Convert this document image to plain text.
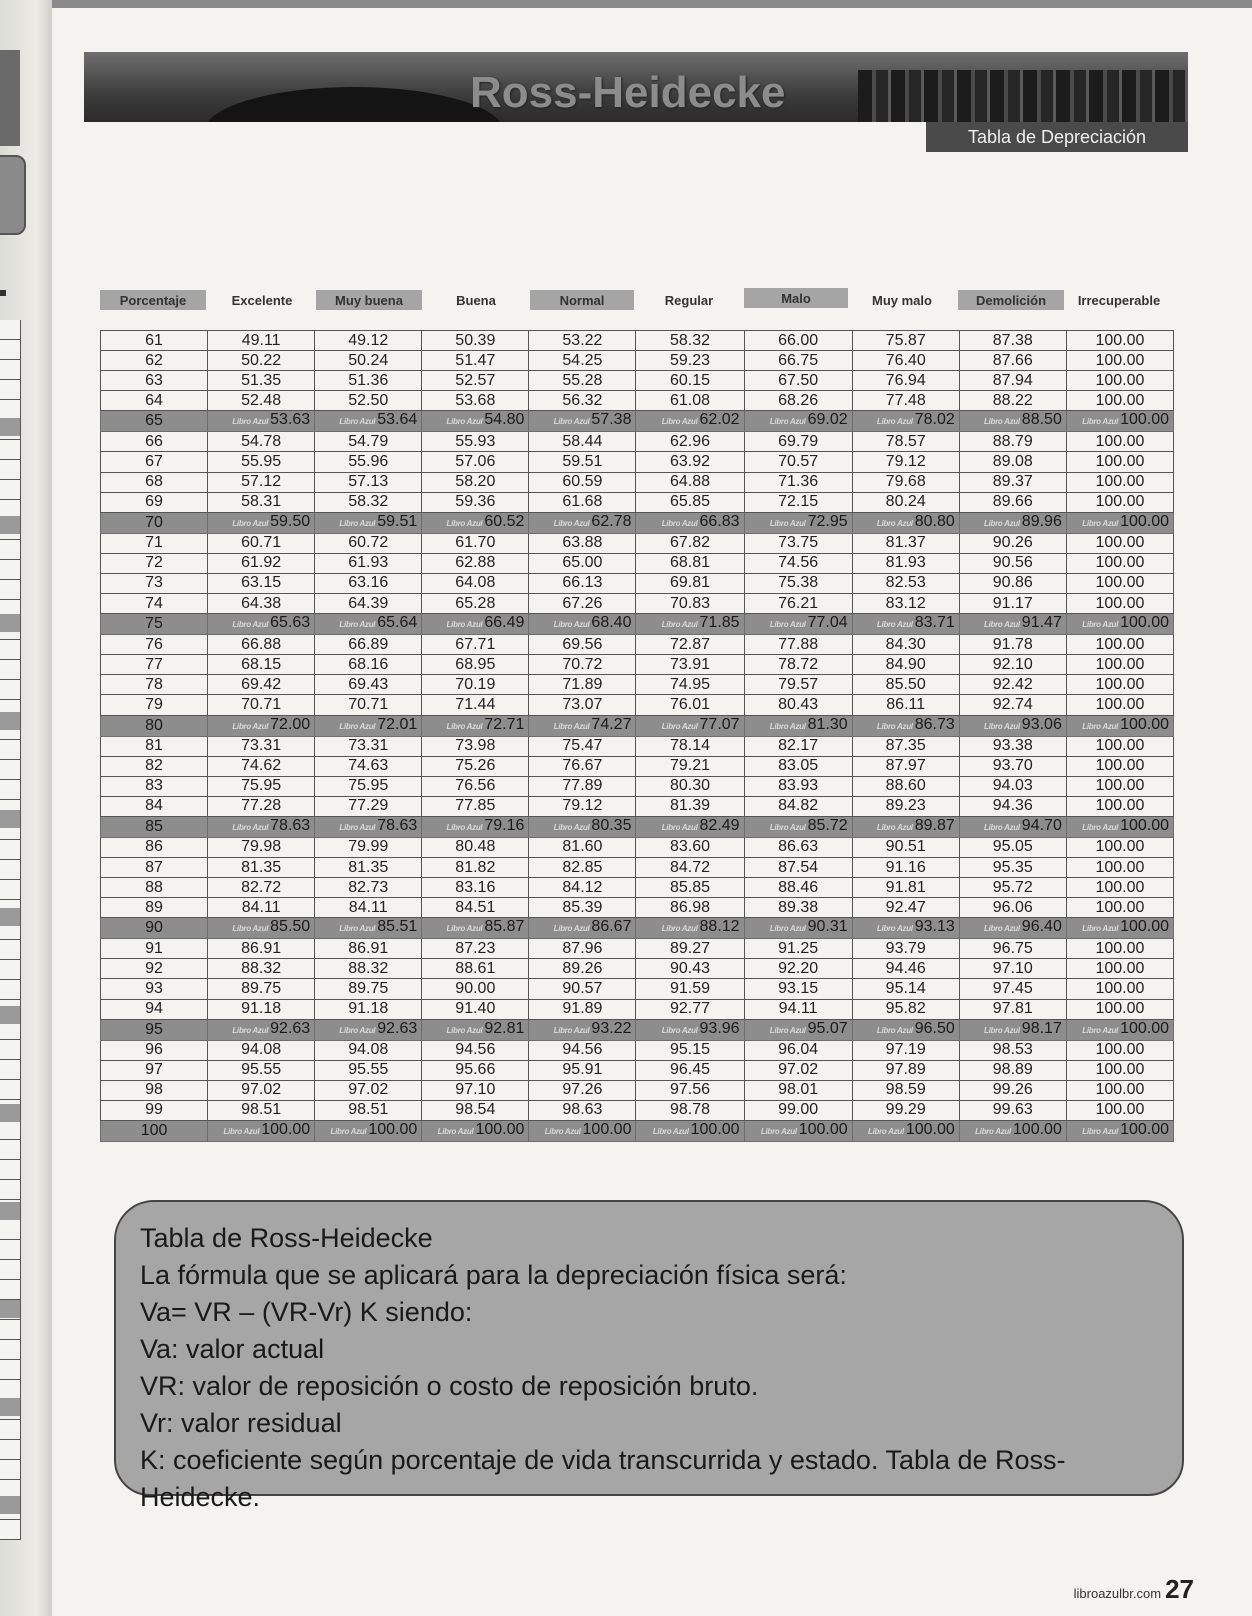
Ross-Heidecke
Tabla de Depreciación
Porcentaje	Excelente	Muy buena	Buena	Normal	Regular	Malo	Muy malo	Demolición	Irrecuperable
61	49.11	49.12	50.39	53.22	58.32	66.00	75.87	87.38	100.00
62	50.22	50.24	51.47	54.25	59.23	66.75	76.40	87.66	100.00
63	51.35	51.36	52.57	55.28	60.15	67.50	76.94	87.94	100.00
64	52.48	52.50	53.68	56.32	61.08	68.26	77.48	88.22	100.00
65	Libro Azul 53.63	Libro Azul 53.64	Libro Azul 54.80	Libro Azul 57.38	Libro Azul 62.02	Libro Azul 69.02	Libro Azul 78.02	Libro Azul 88.50	Libro Azul 100.00
66	54.78	54.79	55.93	58.44	62.96	69.79	78.57	88.79	100.00
67	55.95	55.96	57.06	59.51	63.92	70.57	79.12	89.08	100.00
68	57.12	57.13	58.20	60.59	64.88	71.36	79.68	89.37	100.00
69	58.31	58.32	59.36	61.68	65.85	72.15	80.24	89.66	100.00
70	Libro Azul 59.50	Libro Azul 59.51	Libro Azul 60.52	Libro Azul 62.78	Libro Azul 66.83	Libro Azul 72.95	Libro Azul 80.80	Libro Azul 89.96	Libro Azul 100.00
71	60.71	60.72	61.70	63.88	67.82	73.75	81.37	90.26	100.00
72	61.92	61.93	62.88	65.00	68.81	74.56	81.93	90.56	100.00
73	63.15	63.16	64.08	66.13	69.81	75.38	82.53	90.86	100.00
74	64.38	64.39	65.28	67.26	70.83	76.21	83.12	91.17	100.00
75	Libro Azul 65.63	Libro Azul 65.64	Libro Azul 66.49	Libro Azul 68.40	Libro Azul 71.85	Libro Azul 77.04	Libro Azul 83.71	Libro Azul 91.47	Libro Azul 100.00
76	66.88	66.89	67.71	69.56	72.87	77.88	84.30	91.78	100.00
77	68.15	68.16	68.95	70.72	73.91	78.72	84.90	92.10	100.00
78	69.42	69.43	70.19	71.89	74.95	79.57	85.50	92.42	100.00
79	70.71	70.71	71.44	73.07	76.01	80.43	86.11	92.74	100.00
80	Libro Azul 72.00	Libro Azul 72.01	Libro Azul 72.71	Libro Azul 74.27	Libro Azul 77.07	Libro Azul 81.30	Libro Azul 86.73	Libro Azul 93.06	Libro Azul 100.00
81	73.31	73.31	73.98	75.47	78.14	82.17	87.35	93.38	100.00
82	74.62	74.63	75.26	76.67	79.21	83.05	87.97	93.70	100.00
83	75.95	75.95	76.56	77.89	80.30	83.93	88.60	94.03	100.00
84	77.28	77.29	77.85	79.12	81.39	84.82	89.23	94.36	100.00
85	Libro Azul 78.63	Libro Azul 78.63	Libro Azul 79.16	Libro Azul 80.35	Libro Azul 82.49	Libro Azul 85.72	Libro Azul 89.87	Libro Azul 94.70	Libro Azul 100.00
86	79.98	79.99	80.48	81.60	83.60	86.63	90.51	95.05	100.00
87	81.35	81.35	81.82	82.85	84.72	87.54	91.16	95.35	100.00
88	82.72	82.73	83.16	84.12	85.85	88.46	91.81	95.72	100.00
89	84.11	84.11	84.51	85.39	86.98	89.38	92.47	96.06	100.00
90	Libro Azul 85.50	Libro Azul 85.51	Libro Azul 85.87	Libro Azul 86.67	Libro Azul 88.12	Libro Azul 90.31	Libro Azul 93.13	Libro Azul 96.40	Libro Azul 100.00
91	86.91	86.91	87.23	87.96	89.27	91.25	93.79	96.75	100.00
92	88.32	88.32	88.61	89.26	90.43	92.20	94.46	97.10	100.00
93	89.75	89.75	90.00	90.57	91.59	93.15	95.14	97.45	100.00
94	91.18	91.18	91.40	91.89	92.77	94.11	95.82	97.81	100.00
95	Libro Azul 92.63	Libro Azul 92.63	Libro Azul 92.81	Libro Azul 93.22	Libro Azul 93.96	Libro Azul 95.07	Libro Azul 96.50	Libro Azul 98.17	Libro Azul 100.00
96	94.08	94.08	94.56	94.56	95.15	96.04	97.19	98.53	100.00
97	95.55	95.55	95.66	95.91	96.45	97.02	97.89	98.89	100.00
98	97.02	97.02	97.10	97.26	97.56	98.01	98.59	99.26	100.00
99	98.51	98.51	98.54	98.63	98.78	99.00	99.29	99.63	100.00
100	Libro Azul 100.00	Libro Azul 100.00	Libro Azul 100.00	Libro Azul 100.00	Libro Azul 100.00	Libro Azul 100.00	Libro Azul 100.00	Libro Azul 100.00	Libro Azul 100.00

Tabla de Ross-Heidecke

La fórmula que se aplicará para la depreciación física será:

Va= VR – (VR-Vr) K siendo:

Va: valor actual

VR: valor de reposición o costo de reposición bruto.

Vr: valor residual

K: coeficiente según porcentaje de vida transcurrida y estado. Tabla de Ross-Heidecke.

libroazulbr.com 27
